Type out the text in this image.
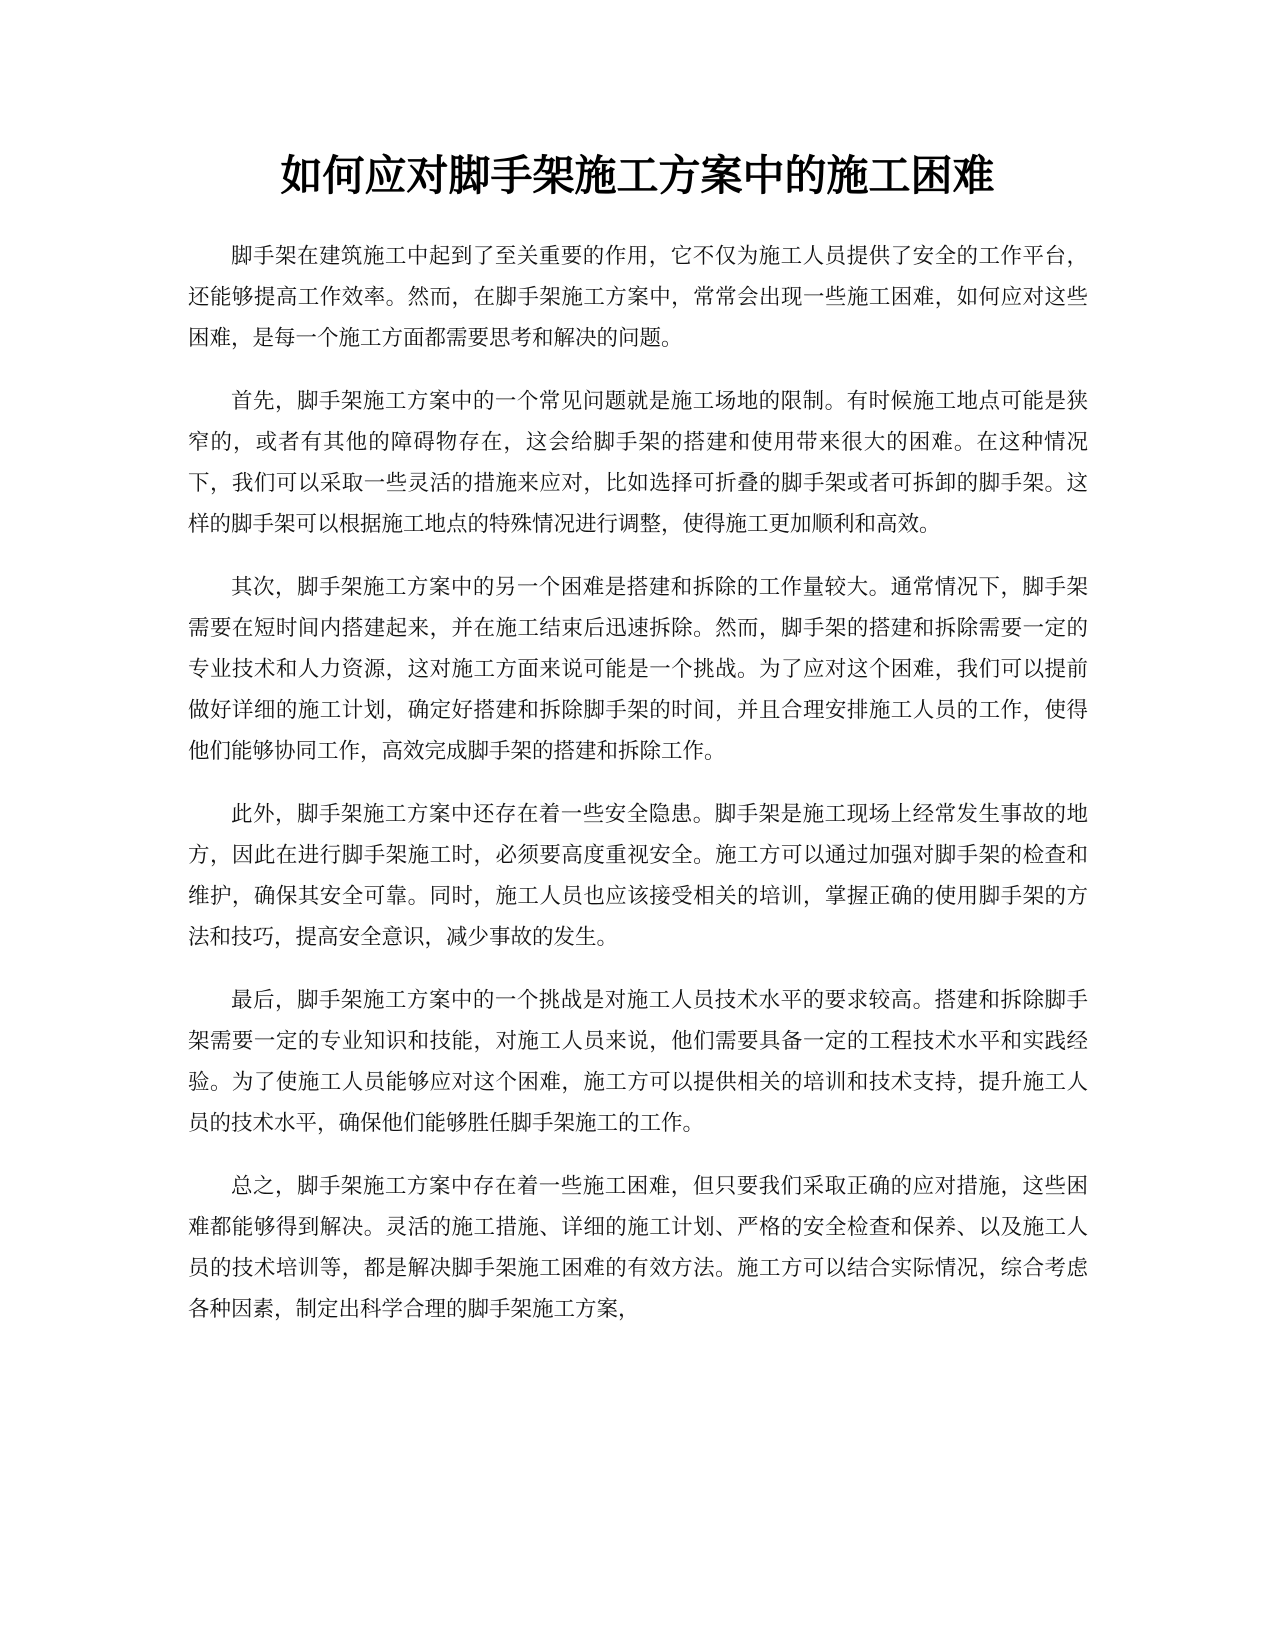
如何应对脚手架施工方案中的施工困难

脚手架在建筑施工中起到了至关重要的作用，它不仅为施工人员提供了安全的工作平台，还能够提高工作效率。然而，在脚手架施工方案中，常常会出现一些施工困难，如何应对这些困难，是每一个施工方面都需要思考和解决的问题。

首先，脚手架施工方案中的一个常见问题就是施工场地的限制。有时候施工地点可能是狭窄的，或者有其他的障碍物存在，这会给脚手架的搭建和使用带来很大的困难。在这种情况下，我们可以采取一些灵活的措施来应对，比如选择可折叠的脚手架或者可拆卸的脚手架。这样的脚手架可以根据施工地点的特殊情况进行调整，使得施工更加顺利和高效。

其次，脚手架施工方案中的另一个困难是搭建和拆除的工作量较大。通常情况下，脚手架需要在短时间内搭建起来，并在施工结束后迅速拆除。然而，脚手架的搭建和拆除需要一定的专业技术和人力资源，这对施工方面来说可能是一个挑战。为了应对这个困难，我们可以提前做好详细的施工计划，确定好搭建和拆除脚手架的时间，并且合理安排施工人员的工作，使得他们能够协同工作，高效完成脚手架的搭建和拆除工作。

此外，脚手架施工方案中还存在着一些安全隐患。脚手架是施工现场上经常发生事故的地方，因此在进行脚手架施工时，必须要高度重视安全。施工方可以通过加强对脚手架的检查和维护，确保其安全可靠。同时，施工人员也应该接受相关的培训，掌握正确的使用脚手架的方法和技巧，提高安全意识，减少事故的发生。

最后，脚手架施工方案中的一个挑战是对施工人员技术水平的要求较高。搭建和拆除脚手架需要一定的专业知识和技能，对施工人员来说，他们需要具备一定的工程技术水平和实践经验。为了使施工人员能够应对这个困难，施工方可以提供相关的培训和技术支持，提升施工人员的技术水平，确保他们能够胜任脚手架施工的工作。

总之，脚手架施工方案中存在着一些施工困难，但只要我们采取正确的应对措施，这些困难都能够得到解决。灵活的施工措施、详细的施工计划、严格的安全检查和保养、以及施工人员的技术培训等，都是解决脚手架施工困难的有效方法。施工方可以结合实际情况，综合考虑各种因素，制定出科学合理的脚手架施工方案，
